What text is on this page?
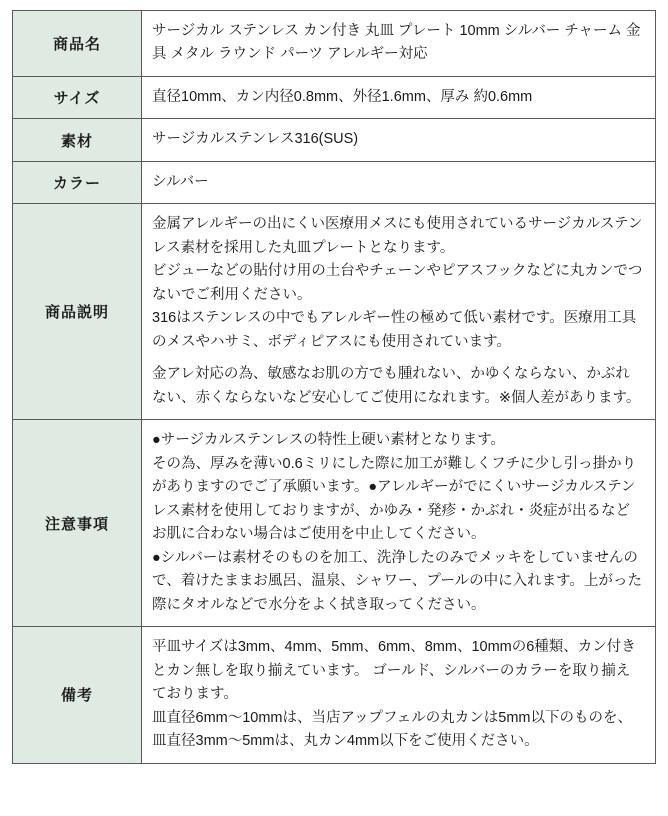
商品名	サージカル ステンレス カン付き 丸皿 プレート 10mm シルバー チャーム 金具 メタル ラウンド パーツ アレルギー対応

サイズ	直径10mm、カン内径0.8mm、外径1.6mm、厚み 約0.6mm

素材	サージカルステンレス316(SUS)

カラー	シルバー

商品説明	金属アレルギーの出にくい医療用メスにも使用されているサージカルステンレス素材を採用した丸皿プレートとなります。

ビジューなどの貼付け用の土台やチェーンやピアスフックなどに丸カンでつないでご利用ください。

316はステンレスの中でもアレルギー性の極めて低い素材です。医療用工具のメスやハサミ、ボディピアスにも使用されています。

金アレ対応の為、敏感なお肌の方でも腫れない、かゆくならない、かぶれない、赤くならないなど安心してご使用になれます。※個人差があります。

注意事項	●サージカルステンレスの特性上硬い素材となります。

その為、厚みを薄い0.6ミリにした際に加工が難しくフチに少し引っ掛かりがありますのでご了承願います。●アレルギーがでにくいサージカルステンレス素材を使用しておりますが、かゆみ・発疹・かぶれ・炎症が出るなどお肌に合わない場合はご使用を中止してください。

●シルバーは素材そのものを加工、洗浄したのみでメッキをしていませんので、着けたままお風呂、温泉、シャワー、プールの中に入れます。上がった際にタオルなどで水分をよく拭き取ってください。

備考	平皿サイズは3mm、4mm、5mm、6mm、8mm、10mmの6種類、カン付きとカン無しを取り揃えています。 ゴールド、シルバーのカラーを取り揃えております。

皿直径6mm〜10mmは、当店アップフェルの丸カンは5mm以下のものを、皿直径3mm〜5mmは、丸カン4mm以下をご使用ください。
